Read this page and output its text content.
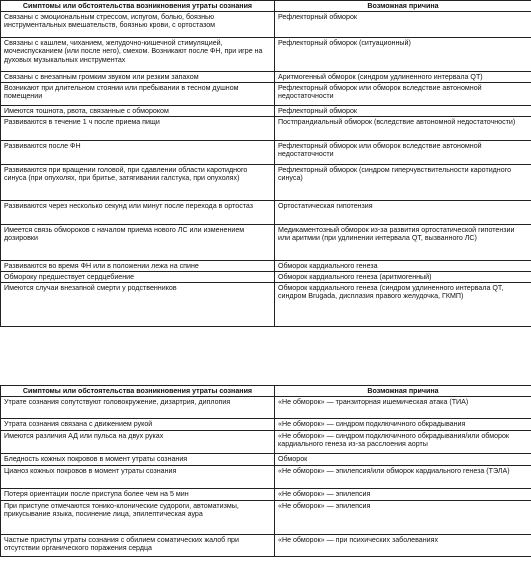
Симптомы или обстоятельства возникновения утраты сознания	Возможная причина
Связаны с эмоциональным стрессом, испугом, болью, боязнью инструментальных вмешательств, боязнью крови, с ортостазом	Рефлекторный обморок
Связаны с кашлем, чиханием, желудочно-кишечной стимуляцией, мочеиспусканием (или после него), смехом. Возникают после ФН, при игре на духовых музыкальных инструментах	Рефлекторный обморок (ситуационный)
Связаны с внезапным громким звуком или резким запахом	Аритмогенный обморок (синдром удлиненного интервала QT)
Возникают при длительном стоянии или пребывании в тесном душном помещении	Рефлекторный обморок или обморок вследствие автономной недостаточности
Имеются тошнота, рвота, связанные с обмороком	Рефлекторный обморок
Развиваются в течение 1 ч после приема пищи	Постпрандиальный обморок (вследствие автономной недостаточности)
Развиваются после ФН	Рефлекторный обморок или обморок вследствие автономной недостаточности
Развиваются при вращении головой, при сдавлении области каротидного синуса (при опухолях, при бритье, затягивании галстука, при опухолях)	Рефлекторный обморок (синдром гиперчувствительности каротидного синуса)
Развиваются через несколько секунд или минут после перехода в ортостаз	Ортостатическая гипотензия
Имеется связь обмороков с началом приема нового ЛС или изменением дозировки	Медикаментозный обморок из-за развития ортостатической гипотензии или аритмии (при удлинении интервала QT, вызванного ЛС)
Развиваются во время ФН или в положении лежа на спине	Обморок кардиального генеза
Обмороку предшествует сердцебиение	Обморок кардиального генеза (аритмогенный)
Имеются случаи внезапной смерти у родственников	Обморок кардиального генеза (синдром удлиненного интервала QT, синдром Brugada, дисплазия правого желудочка, ГКМП)
Симптомы или обстоятельства возникновения утраты сознания	Возможная причина
Утрате сознания сопутствуют головокружение, дизартрия, диплопия	«Не обморок» — транзиторная ишемическая атака (ТИА)
Утрата сознания связана с движением рукой	«Не обморок» — синдром подключичного обкрадывания
Имеются различия АД или пульса на двух руках	«Не обморок» — синдром подключичного обкрадывания/или обморок кардиального генеза из-за расслоения аорты
Бледность кожных покровов в момент утраты сознания	Обморок
Цианоз кожных покровов в момент утраты сознания	«Не обморок» — эпилепсия/или обморок кардиального генеза (ТЭЛА)
Потеря ориентации после приступа более чем на 5 мин	«Не обморок» — эпилепсия
При приступе отмечаются тонико-клонические судороги, автоматизмы, прикусывание языка, посинение лица, эпилептическая аура	«Не обморок» — эпилепсия
Частые приступы утраты сознания с обилием соматических жалоб при отсутствии органического поражения сердца	«Не обморок» — при психических заболеваниях
